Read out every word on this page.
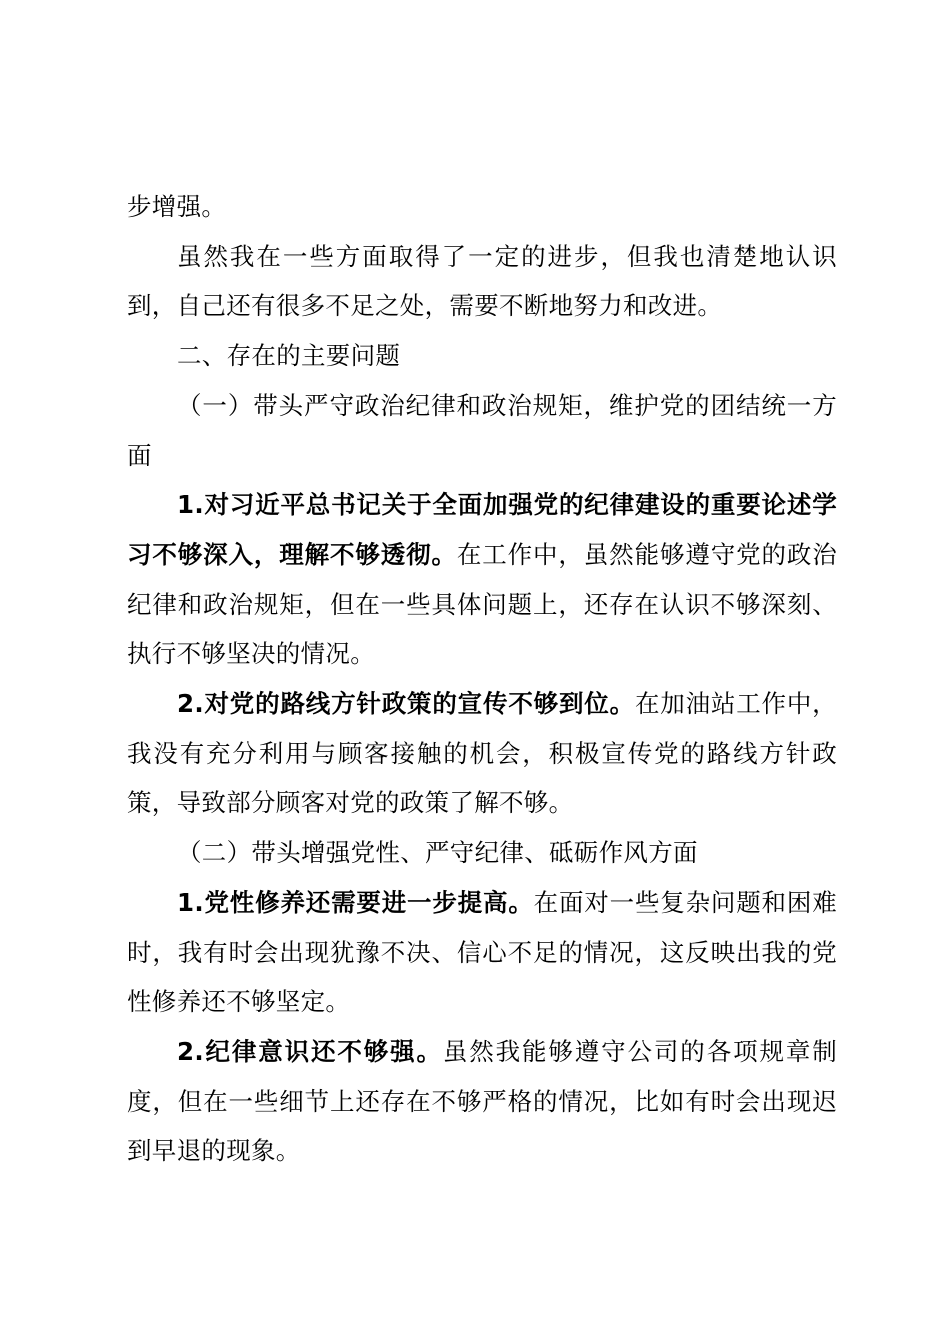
步增强。

虽然我在一些方面取得了一定的进步，但我也清楚地认识到，自己还有很多不足之处，需要不断地努力和改进。

二、存在的主要问题

（一）带头严守政治纪律和政治规矩，维护党的团结统一方面

1.对习近平总书记关于全面加强党的纪律建设的重要论述学习不够深入，理解不够透彻。在工作中，虽然能够遵守党的政治纪律和政治规矩，但在一些具体问题上，还存在认识不够深刻、执行不够坚决的情况。

2.对党的路线方针政策的宣传不够到位。在加油站工作中，我没有充分利用与顾客接触的机会，积极宣传党的路线方针政策，导致部分顾客对党的政策了解不够。

（二）带头增强党性、严守纪律、砥砺作风方面

1.党性修养还需要进一步提高。在面对一些复杂问题和困难时，我有时会出现犹豫不决、信心不足的情况，这反映出我的党性修养还不够坚定。

2.纪律意识还不够强。虽然我能够遵守公司的各项规章制度，但在一些细节上还存在不够严格的情况，比如有时会出现迟到早退的现象。
